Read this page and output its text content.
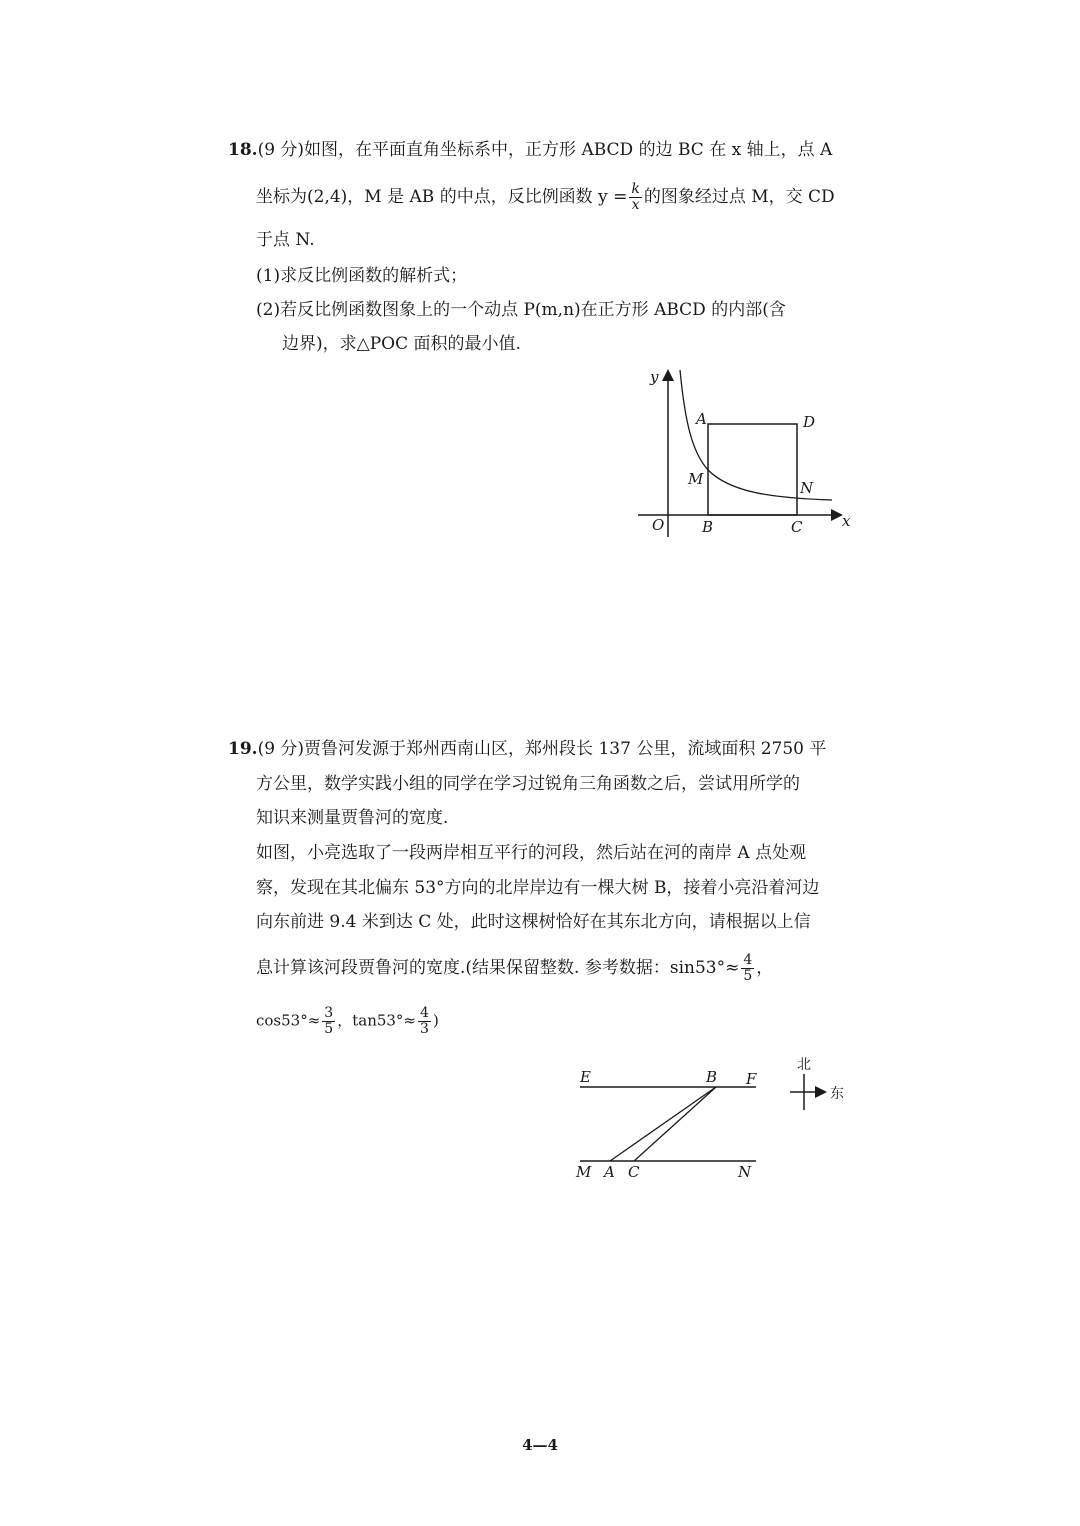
18.(9 分)如图，在平面直角坐标系中，正方形 ABCD 的边 BC 在 x 轴上，点 A
坐标为(2,4)，M 是 AB 的中点，反比例函数 $y = \frac{k}{x}$ 的图象经过点 M，交 CD
于点 N.
(1)求反比例函数的解析式；
(2)若反比例函数图象上的一个动点 P(m,n)在正方形 ABCD 的内部(含
边界)，求△POC 面积的最小值.
y
x
O
A
B	C
D
M	N
19.(9 分)贾鲁河发源于郑州西南山区，郑州段长 137 公里，流域面积 2750 平
方公里，数学实践小组的同学在学习过锐角三角函数之后，尝试用所学的
知识来测量贾鲁河的宽度.
如图，小亮选取了一段两岸相互平行的河段，然后站在河的南岸 A 点处观
察，发现在其北偏东 53°方向的北岸岸边有一棵大树 B，接着小亮沿着河边
向东前进 9.4 米到达 C 处，此时这棵树恰好在其东北方向，请根据以上信
息计算该河段贾鲁河的宽度.(结果保留整数. 参考数据：$\sin 53^\circ\approx \frac{4}{5}$ ，
$\cos 53^\circ\approx \frac{3}{5}$ ，$\tan 53^\circ\approx \frac{4}{3}$ )
E	B F
M A C	N
北
东
4—4
